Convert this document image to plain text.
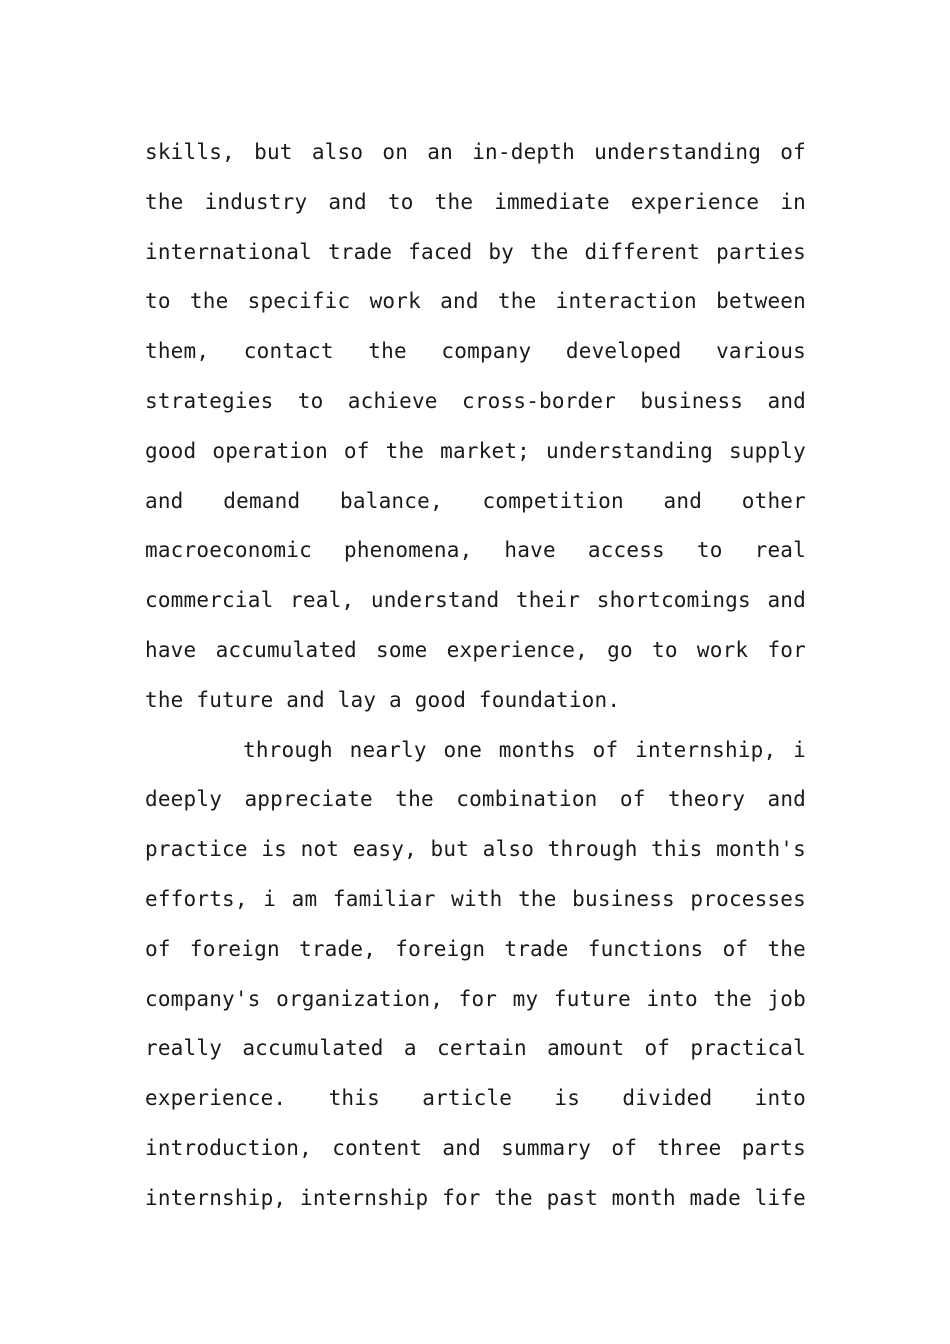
skills, but also on an in-depth understanding of
the industry and to the immediate experience in
international trade faced by the different parties
to the specific work and the interaction between
them, contact the company developed various
strategies to achieve cross-border business and
good operation of the market; understanding supply
and demand balance, competition and other
macroeconomic phenomena, have access to real
commercial real, understand their shortcomings and
have accumulated some experience, go to work for
the future and lay a good foundation.
through nearly one months of internship, i
deeply appreciate the combination of theory and
practice is not easy, but also through this month's
efforts, i am familiar with the business processes
of foreign trade, foreign trade functions of the
company's organization, for my future into the job
really accumulated a certain amount of practical
experience. this article is divided into
introduction, content and summary of three parts
internship, internship for the past month made life
